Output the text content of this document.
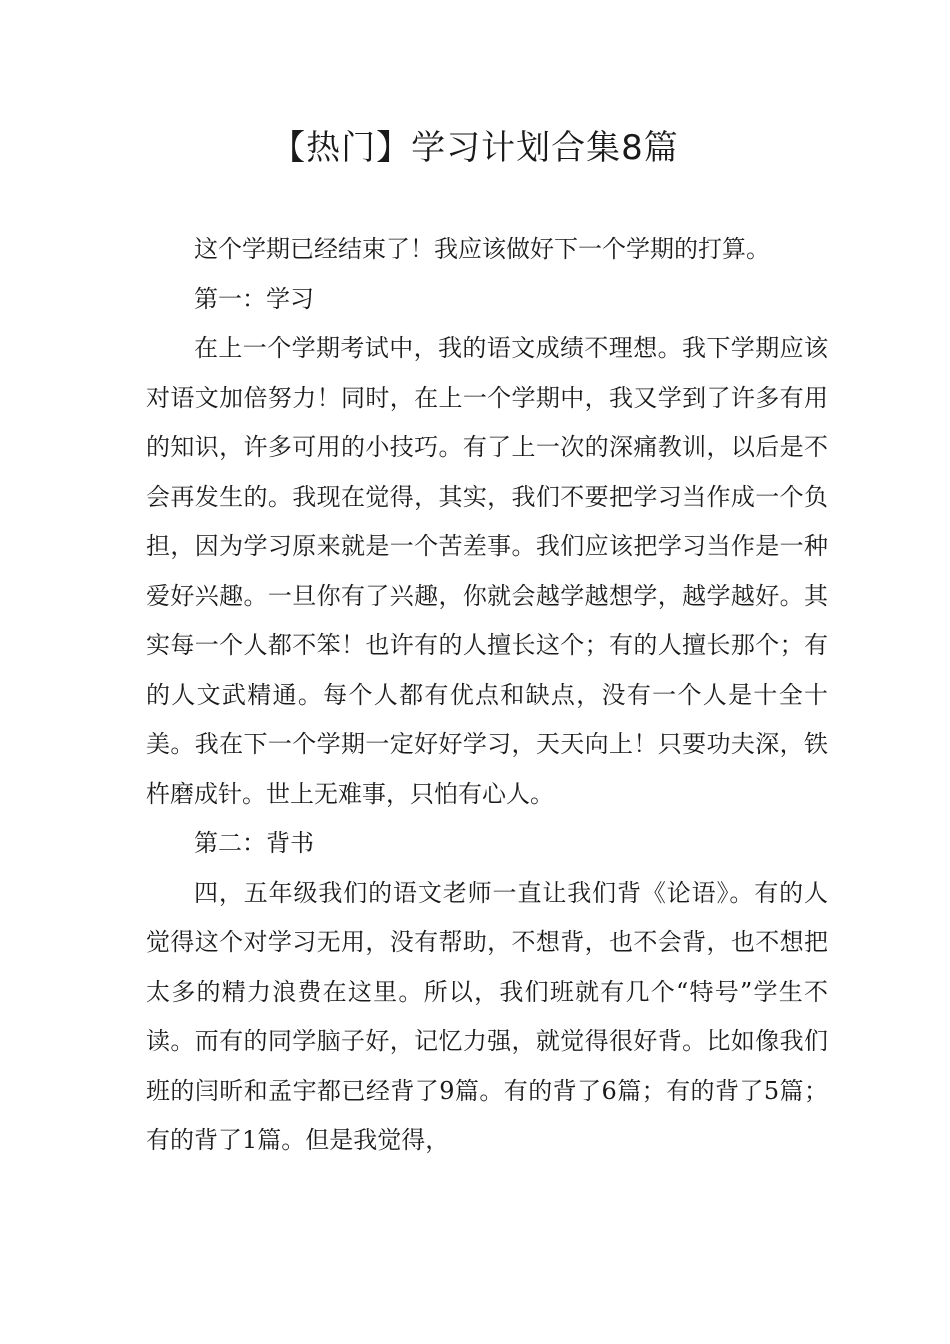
【热门】学习计划合集8篇

这个学期已经结束了！我应该做好下一个学期的打算。

第一：学习

在上一个学期考试中，我的语文成绩不理想。我下学期应该对语文加倍努力！同时，在上一个学期中，我又学到了许多有用的知识，许多可用的小技巧。有了上一次的深痛教训，以后是不会再发生的。我现在觉得，其实，我们不要把学习当作成一个负担，因为学习原来就是一个苦差事。我们应该把学习当作是一种爱好兴趣。一旦你有了兴趣，你就会越学越想学，越学越好。其实每一个人都不笨！也许有的人擅长这个；有的人擅长那个；有的人文武精通。每个人都有优点和缺点，没有一个人是十全十美。我在下一个学期一定好好学习，天天向上！只要功夫深，铁杵磨成针。世上无难事，只怕有心人。

第二：背书

四，五年级我们的语文老师一直让我们背《论语》。有的人觉得这个对学习无用，没有帮助，不想背，也不会背，也不想把太多的精力浪费在这里。所以，我们班就有几个“特号”学生不读。而有的同学脑子好，记忆力强，就觉得很好背。比如像我们班的闫昕和孟宇都已经背了9篇。有的背了6篇；有的背了5篇；有的背了1篇。但是我觉得，
